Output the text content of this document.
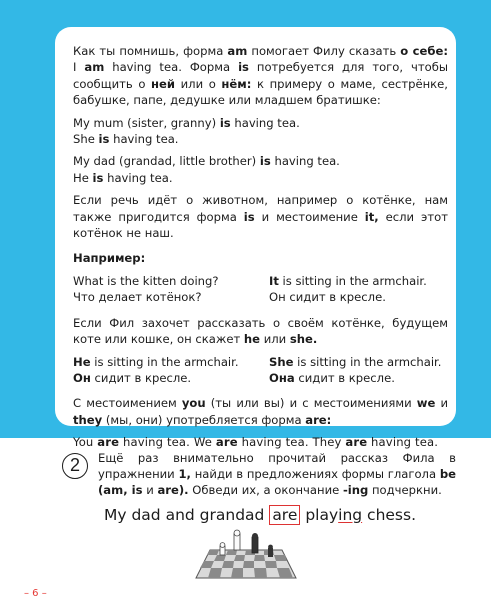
Как ты помнишь, форма am помогает Филу сказать о себе: I am having tea. Форма is потребуется для того, чтобы сообщить о ней или о нём: к примеру о маме, сестрёнке, бабушке, папе, дедушке или младшем братишке:

My mum (sister, granny) is having tea.
She is having tea.
My dad (grandad, little brother) is having tea.
He is having tea.

Если речь идёт о животном, например о котёнке, нам также пригодится форма is и местоимение it, если этот котёнок не наш.

Например:
What is the kitten doing?	It is sitting in the armchair.
Что делает котёнок?	Он сидит в кресле.

Если Фил захочет рассказать о своём котёнке, будущем коте или кошке, он скажет he или she.

He is sitting in the armchair.	She is sitting in the armchair.
Он сидит в кресле.	Она сидит в кресле.

С местоимением you (ты или вы) и с местоимениями we и they (мы, они) употребляется форма are:

You are having tea. We are having tea. They are having tea.
2	Ещё раз внимательно прочитай рассказ Фила в упражнении 1, найди в предложениях формы глагола be (am, is и are). Обведи их, а окончание -ing подчеркни.

My dad and grandad are playing chess.
– 6 –
